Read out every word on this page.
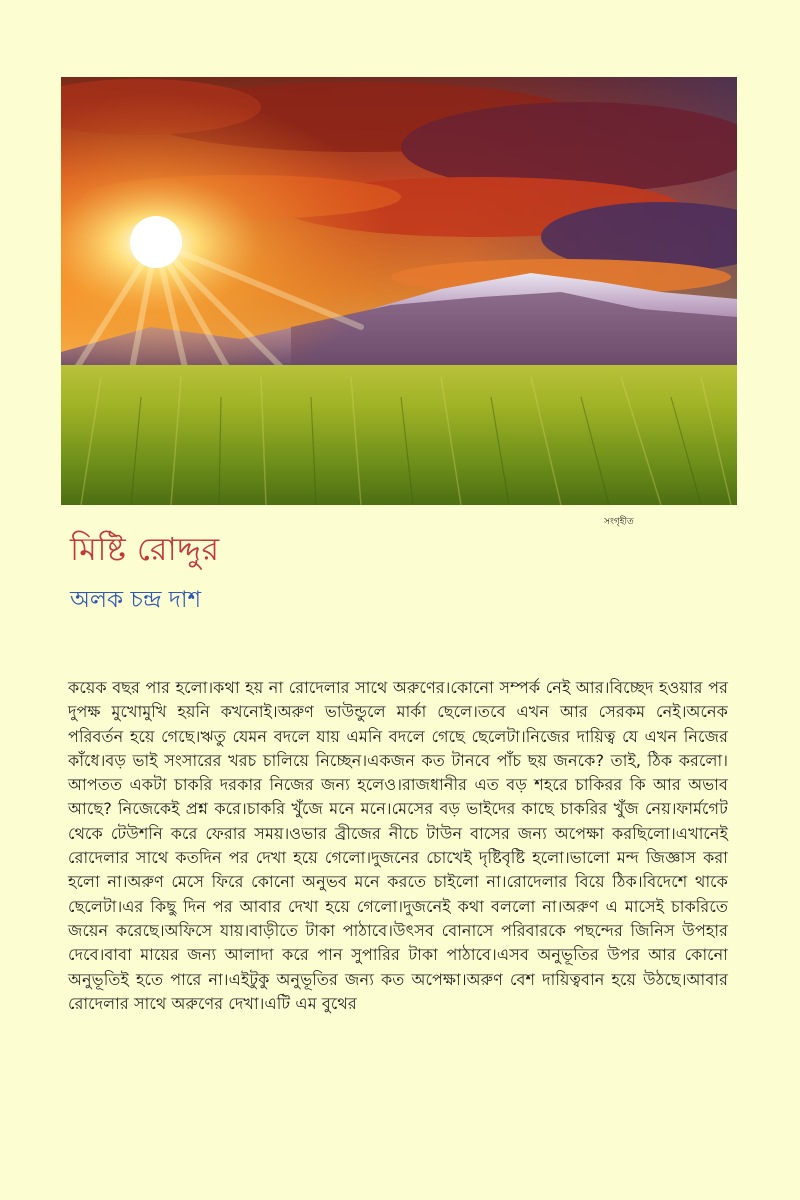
সংগৃহীত
মিষ্টি রোদ্দুর
অলক চন্দ্র দাশ

কয়েক বছর পার হলো।কথা হয় না রোদেলার সাথে অরুণের।কোনো সম্পর্ক নেই আর।বিচ্ছেদ হওয়ার পর দুপক্ষ মুখোমুখি হয়নি কখনোই।অরুণ ভাউন্ডুলে মার্কা ছেলে।তবে এখন আর সেরকম নেই।অনেক পরিবর্তন হয়ে গেছে।ঋতু যেমন বদলে যায় এমনি বদলে গেছে ছেলেটা।নিজের দায়িত্ব যে এখন নিজের কাঁধে।বড় ভাই সংসারের খরচ চালিয়ে নিচ্ছেন।একজন কত টানবে পাঁচ ছয় জনকে? তাই, ঠিক করলো।আপতত একটা চাকরি দরকার নিজের জন্য হলেও।রাজধানীর এত বড় শহরে চাকিরর কি আর অভাব আছে? নিজেকেই প্রশ্ন করে।চাকরি খুঁজে মনে মনে।মেসের বড় ভাইদের কাছে চাকরির খুঁজ নেয়।ফার্মগেট থেকে টেউশনি করে ফেরার সময়।ওভার ব্রীজের নীচে টাউন বাসের জন্য অপেক্ষা করছিলো।এখানেই রোদেলার সাথে কতদিন পর দেখা হয়ে গেলো।দুজনের চোখেই দৃষ্টিবৃষ্টি হলো।ভালো মন্দ জিজ্ঞাস করা হলো না।অরুণ মেসে ফিরে কোনো অনুভব মনে করতে চাইলো না।রোদেলার বিয়ে ঠিক।বিদেশে থাকে ছেলেটা।এর কিছু দিন পর আবার দেখা হয়ে গেলো।দুজনেই কথা বললো না।অরুণ এ মাসেই চাকরিতে জয়েন করেছে।অফিসে যায়।বাড়ীতে টাকা পাঠাবে।উৎসব বোনাসে পরিবারকে পছন্দের জিনিস উপহার দেবে।বাবা মায়ের জন্য আলাদা করে পান সুপারির টাকা পাঠাবে।এসব অনুভূতির উপর আর কোনো অনুভূতিই হতে পারে না।এইটুকু অনুভূতির জন্য কত অপেক্ষা।অরুণ বেশ দায়িত্ববান হয়ে উঠছে।আবার রোদেলার সাথে অরুণের দেখা।এটি এম বুথের
